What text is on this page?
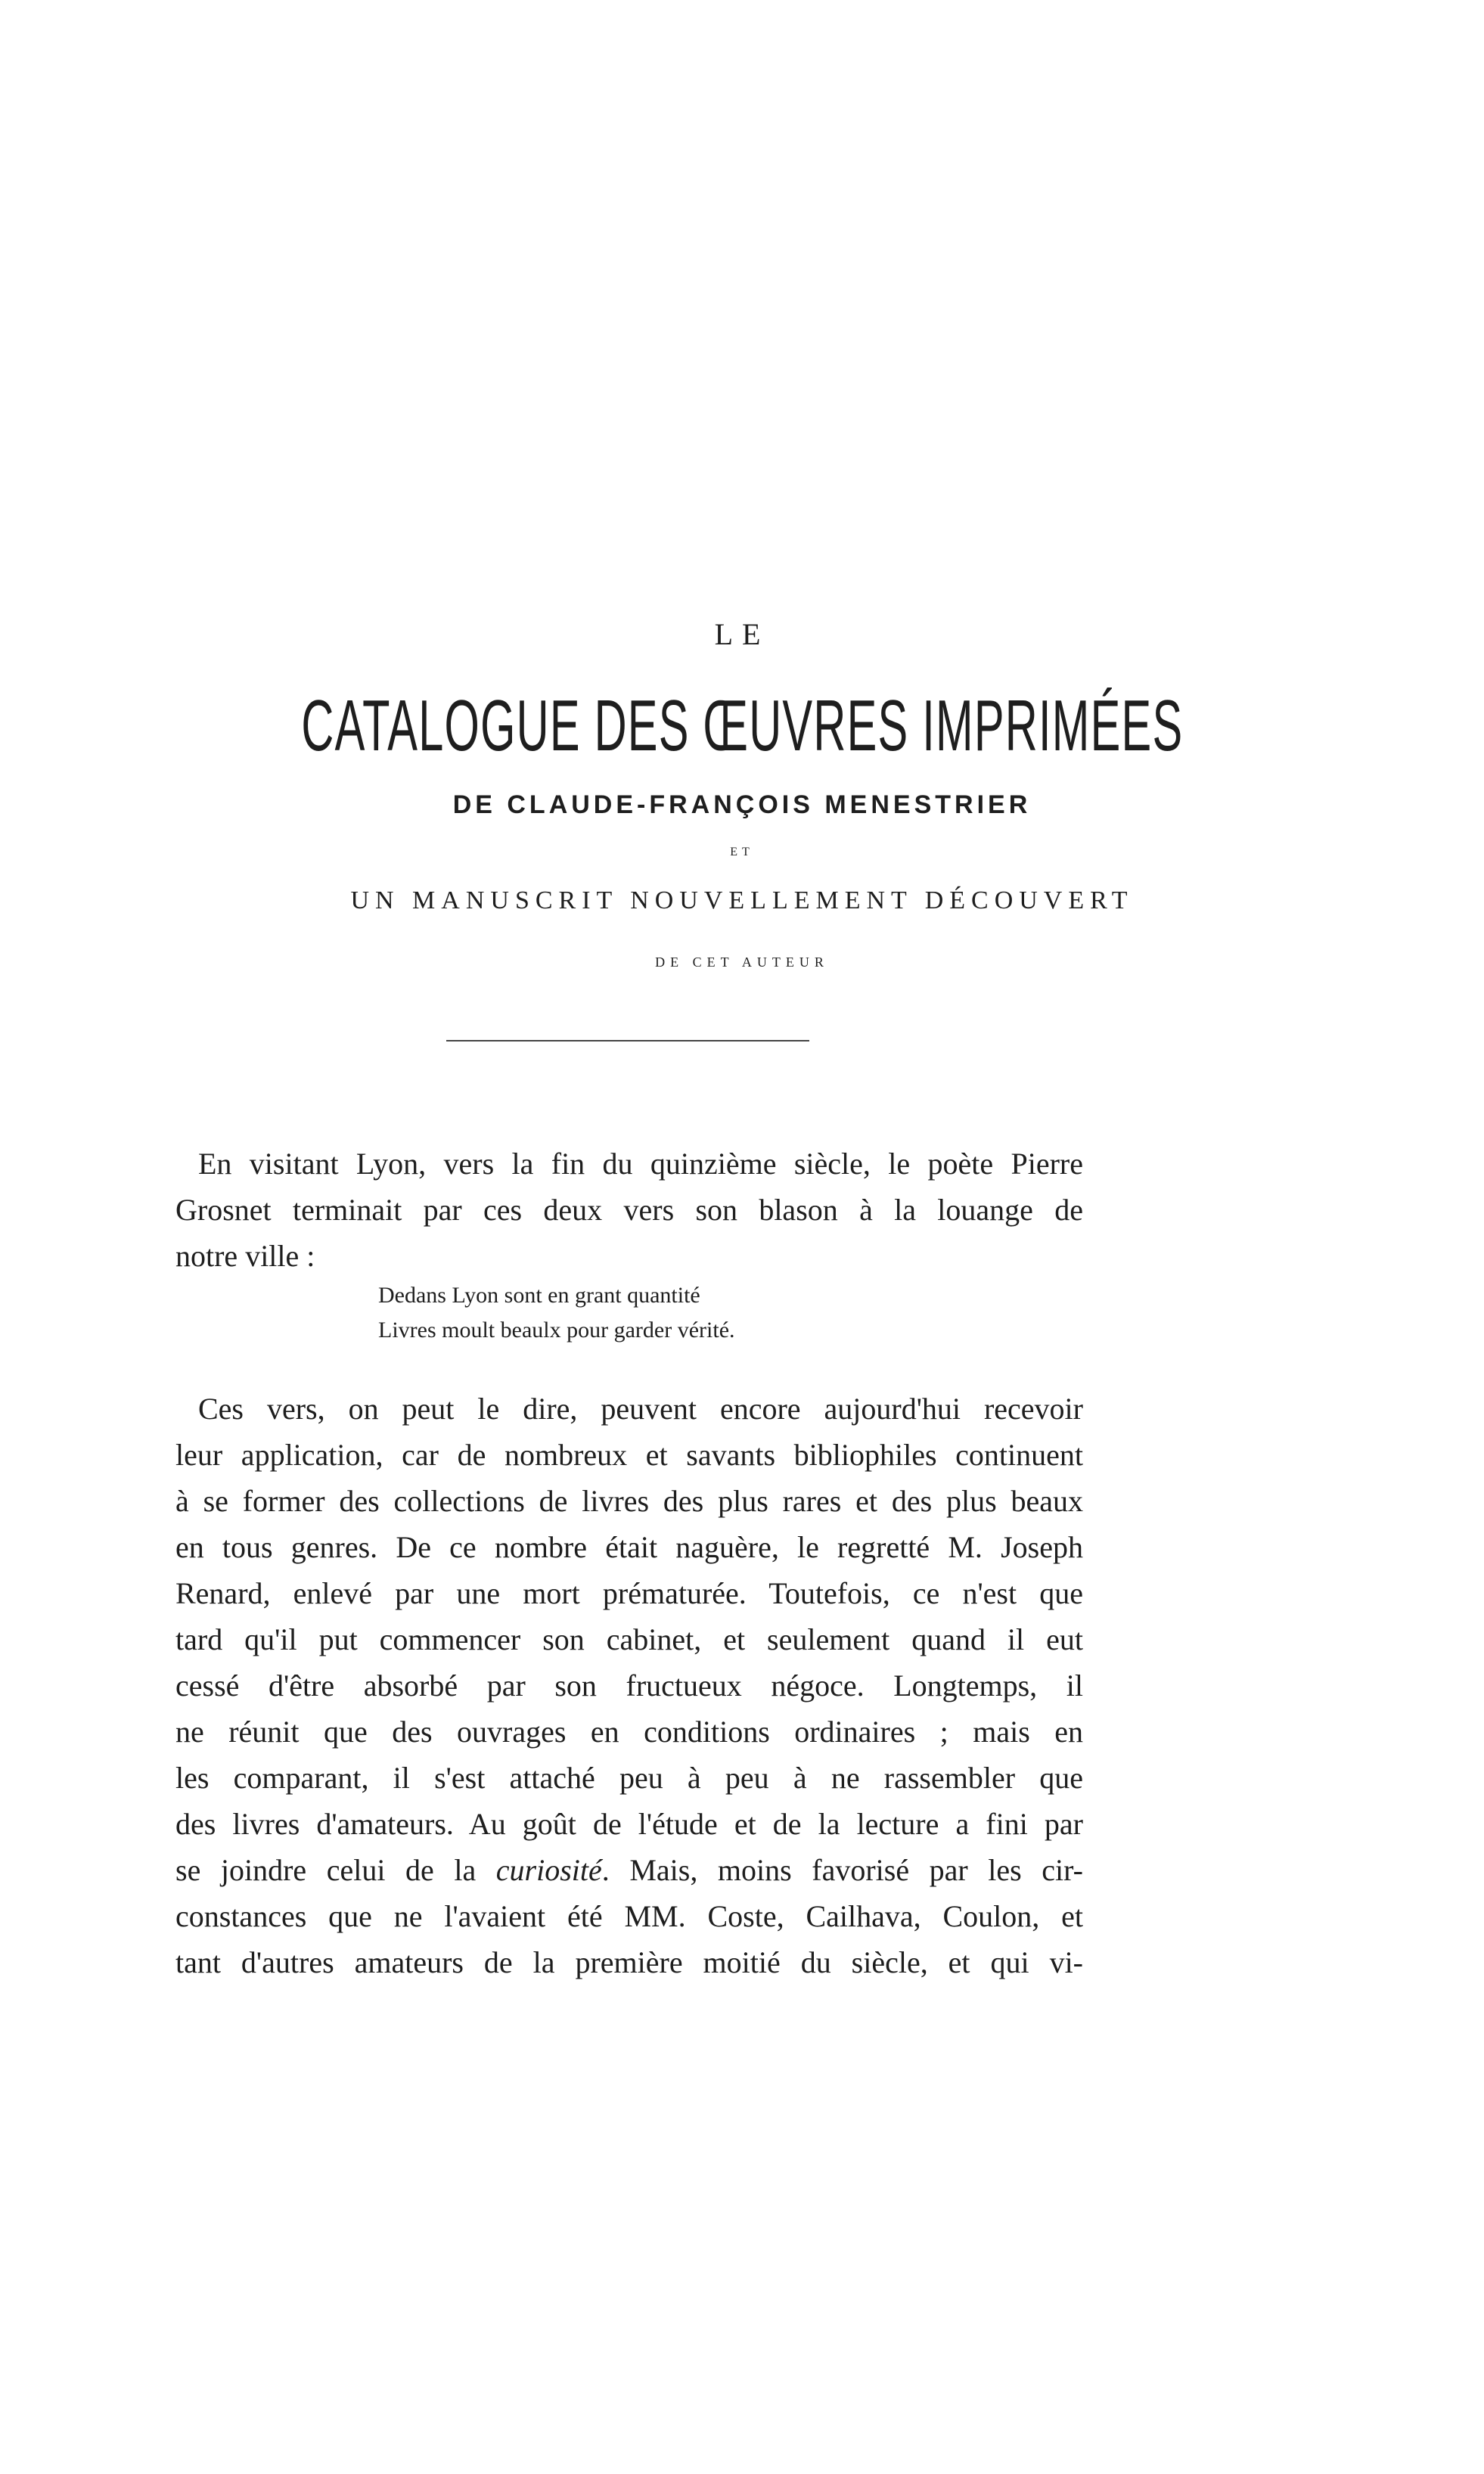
LE
CATALOGUE DES ŒUVRES IMPRIMÉES
DE CLAUDE-FRANÇOIS MENESTRIER
ET
UN MANUSCRIT NOUVELLEMENT DÉCOUVERT
DE CET AUTEUR

En visitant Lyon, vers la fin du quinzième siècle, le poète Pierre
Grosnet terminait par ces deux vers son blason à la louange de
notre ville :

Dedans Lyon sont en grant quantité
Livres moult beaulx pour garder vérité.

Ces vers, on peut le dire, peuvent encore aujourd'hui recevoir
leur application, car de nombreux et savants bibliophiles continuent
à se former des collections de livres des plus rares et des plus beaux
en tous genres. De ce nombre était naguère, le regretté M. Joseph
Renard, enlevé par une mort prématurée. Toutefois, ce n'est que
tard qu'il put commencer son cabinet, et seulement quand il eut
cessé d'être absorbé par son fructueux négoce. Longtemps, il
ne réunit que des ouvrages en conditions ordinaires ; mais en
les comparant, il s'est attaché peu à peu à ne rassembler que
des livres d'amateurs. Au goût de l'étude et de la lecture a fini par
se joindre celui de la curiosité. Mais, moins favorisé par les cir-
constances que ne l'avaient été MM. Coste, Cailhava, Coulon, et
tant d'autres amateurs de la première moitié du siècle, et qui vi-
